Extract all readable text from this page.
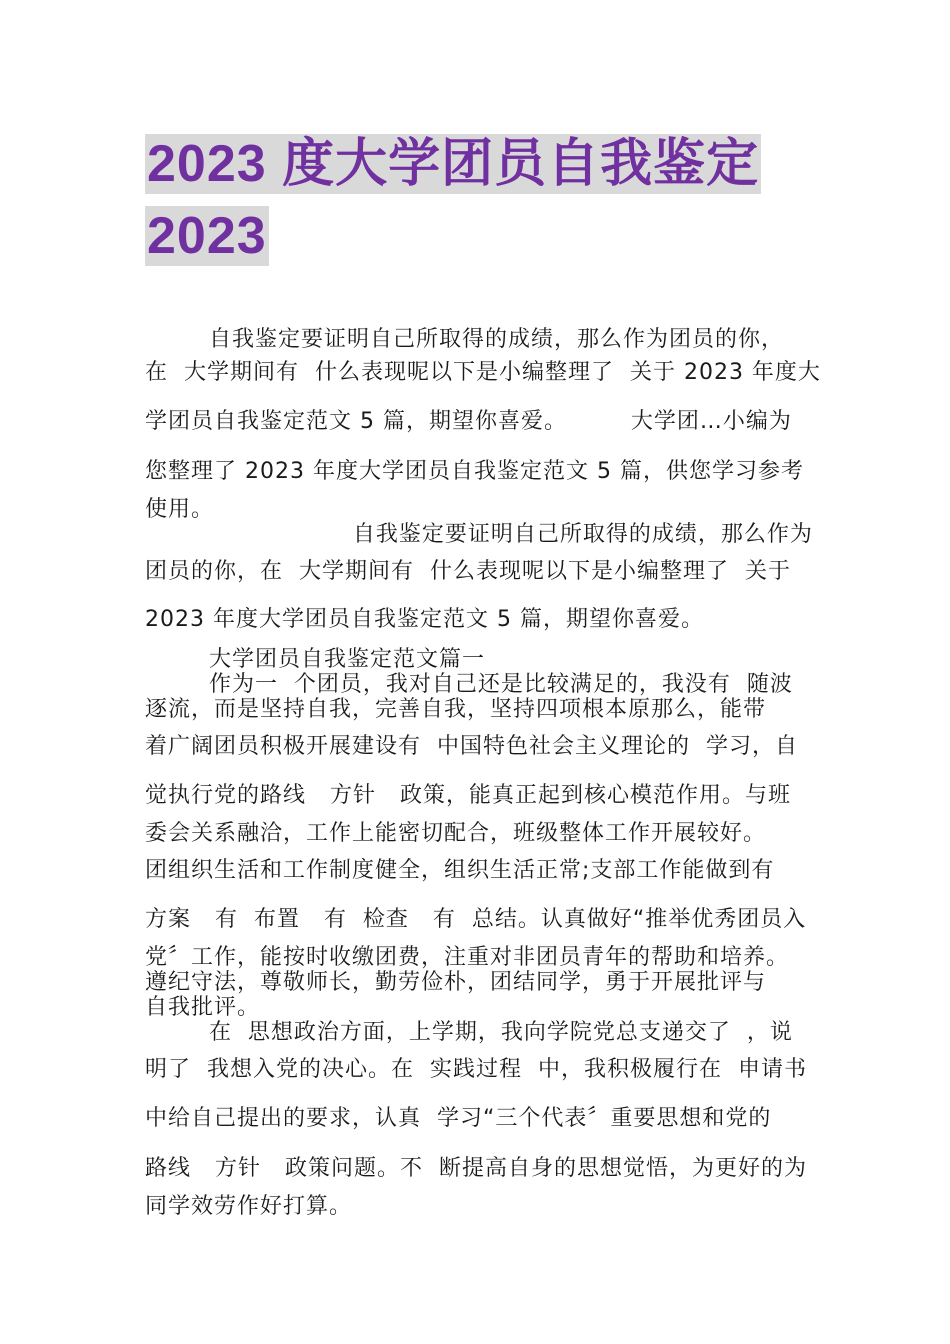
2023 度大学团员自我鉴定
2023
自我鉴定要证明自己所取得的成绩，那么作为团员的你，
在  大学期间有  什么表现呢以下是小编整理了  关于 2023 年度大
学团员自我鉴定范文 5 篇，期望你喜爱。        大学团…小编为
您整理了 2023 年度大学团员自我鉴定范文 5 篇，供您学习参考
使用。
自我鉴定要证明自己所取得的成绩，那么作为
团员的你，在  大学期间有  什么表现呢以下是小编整理了  关于
2023 年度大学团员自我鉴定范文 5 篇，期望你喜爱。
大学团员自我鉴定范文篇一
作为一  个团员，我对自己还是比较满足的，我没有  随波
逐流，而是坚持自我，完善自我，坚持四项根本原那么，能带
着广阔团员积极开展建设有  中国特色社会主义理论的  学习，自
觉执行党的路线   方针   政策，能真正起到核心模范作用。与班
委会关系融洽，工作上能密切配合，班级整体工作开展较好。
团组织生活和工作制度健全，组织生活正常;支部工作能做到有
方案   有  布置   有  检查   有  总结。认真做好“推举优秀团员入
党〞工作，能按时收缴团费，注重对非团员青年的帮助和培养。
遵纪守法，尊敬师长，勤劳俭朴，团结同学，勇于开展批评与
自我批评。
在  思想政治方面，上学期，我向学院党总支递交了  ，说
明了  我想入党的决心。在  实践过程  中，我积极履行在  申请书
中给自己提出的要求，认真  学习“三个代表〞重要思想和党的
路线   方针   政策问题。不  断提高自身的思想觉悟，为更好的为
同学效劳作好打算。
